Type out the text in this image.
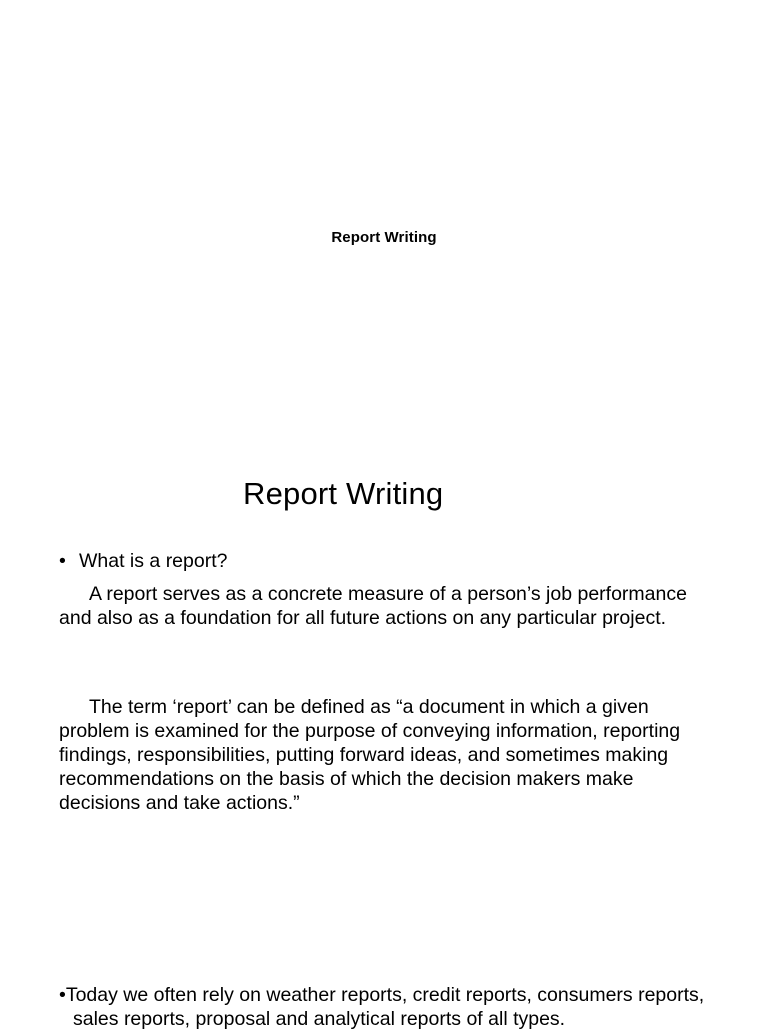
Report Writing
Report Writing
• What is a report?
A report serves as a concrete measure of a person’s job performance and also as a foundation for all future actions on any particular project.
The term ‘report’ can be defined as “a document in which a given problem is examined for the purpose of conveying information, reporting findings, responsibilities, putting forward ideas, and sometimes making recommendations on the basis of which the decision makers make decisions and take actions.”
•Today we often rely on weather reports, credit reports, consumers reports, sales reports, proposal and analytical reports of all types.
